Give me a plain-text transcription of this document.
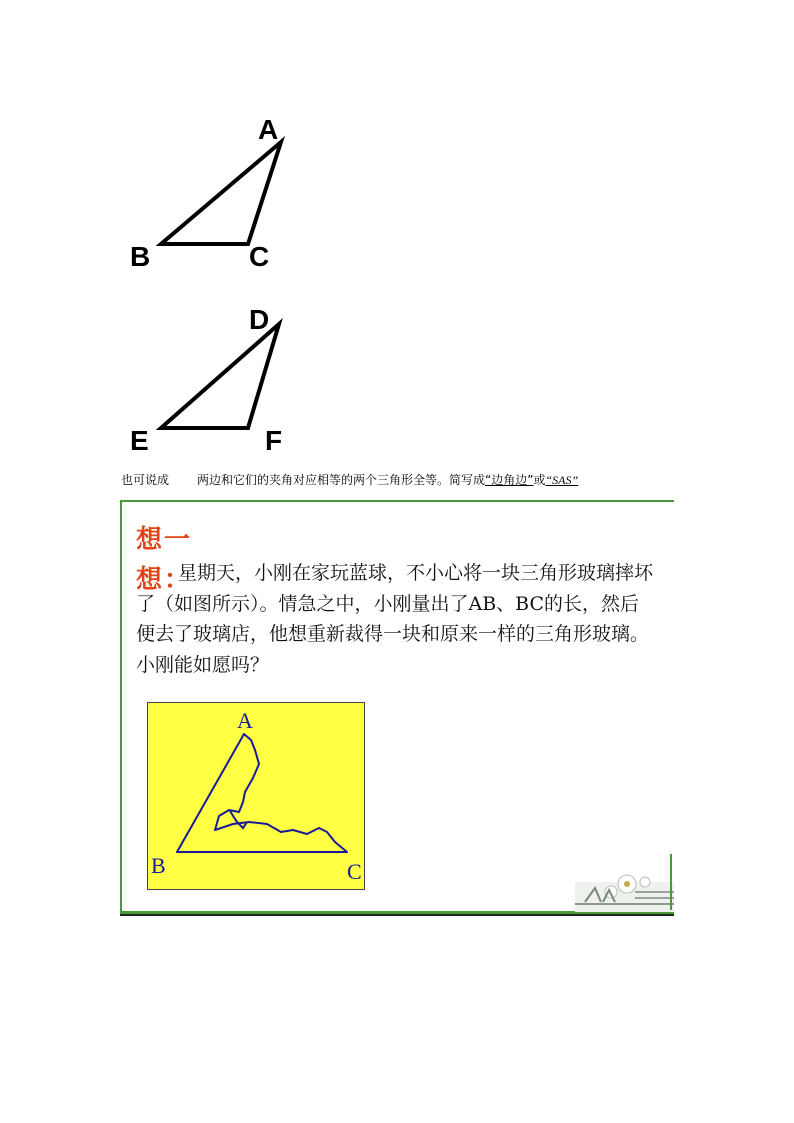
A
B	C
D
E	F
也可说成 两边和它们的夹角对应相等的两个三角形全等。简写成“边角边”或“SAS”
想一想：
星期天，小刚在家玩蓝球，不小心将一块三角形玻璃摔坏了（如图所示）。情急之中，小刚量出了AB、BC的长，然后便去了玻璃店，他想重新裁得一块和原来一样的三角形玻璃。小刚能如愿吗？
A
B	C
